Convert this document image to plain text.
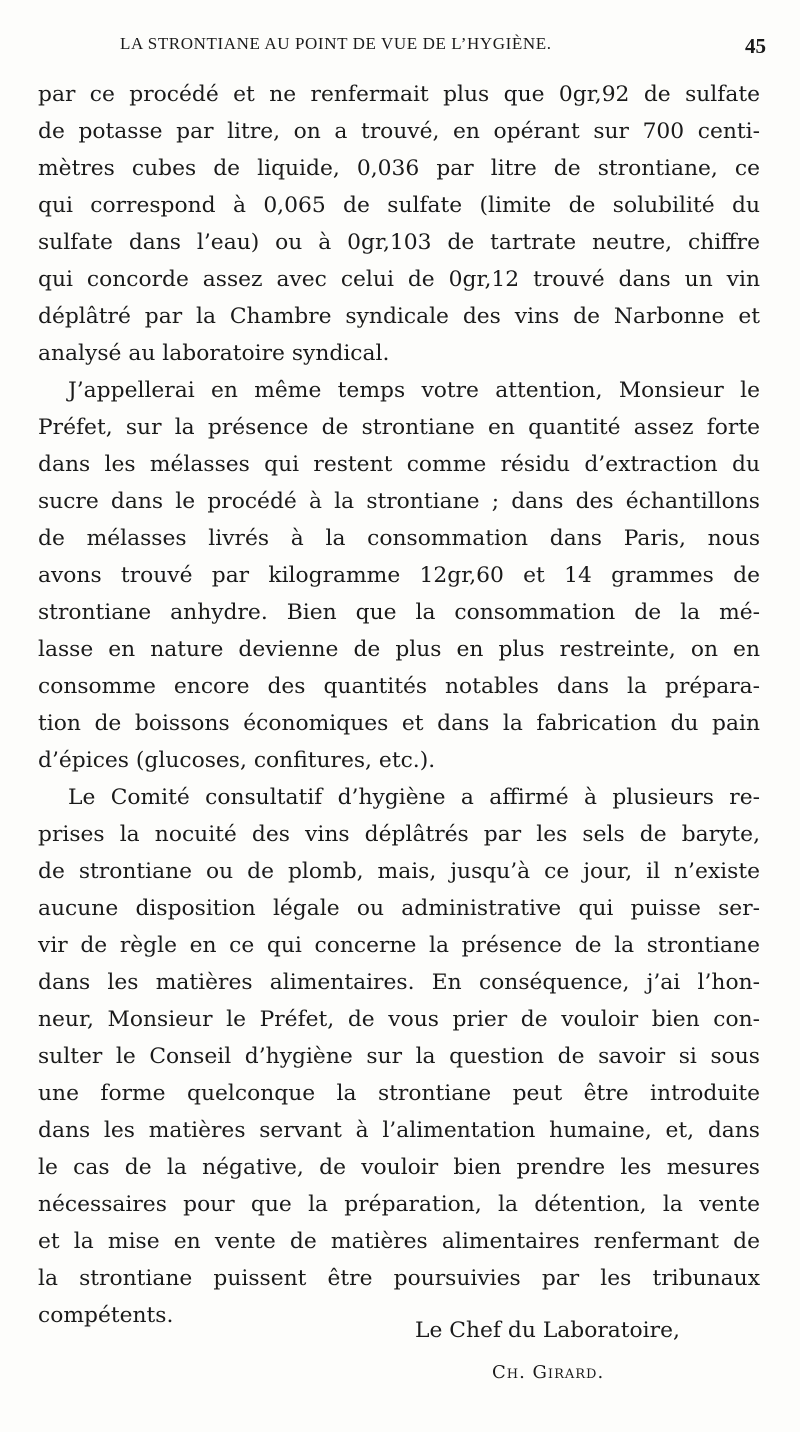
LA STRONTIANE AU POINT DE VUE DE L’HYGIÈNE.	45
par ce procédé et ne renfermait plus que 0gr,92 de sulfate
de potasse par litre, on a trouvé, en opérant sur 700 centi-
mètres cubes de liquide, 0,036 par litre de strontiane, ce
qui correspond à 0,065 de sulfate (limite de solubilité du
sulfate dans l’eau) ou à 0gr,103 de tartrate neutre, chiffre
qui concorde assez avec celui de 0gr,12 trouvé dans un vin
déplâtré par la Chambre syndicale des vins de Narbonne et
analysé au laboratoire syndical.
J’appellerai en même temps votre attention, Monsieur le
Préfet, sur la présence de strontiane en quantité assez forte
dans les mélasses qui restent comme résidu d’extraction du
sucre dans le procédé à la strontiane ; dans des échantillons
de mélasses livrés à la consommation dans Paris, nous
avons trouvé par kilogramme 12gr,60 et 14 grammes de
strontiane anhydre. Bien que la consommation de la mé-
lasse en nature devienne de plus en plus restreinte, on en
consomme encore des quantités notables dans la prépara-
tion de boissons économiques et dans la fabrication du pain
d’épices (glucoses, confitures, etc.).
Le Comité consultatif d’hygiène a affirmé à plusieurs re-
prises la nocuité des vins déplâtrés par les sels de baryte,
de strontiane ou de plomb, mais, jusqu’à ce jour, il n’existe
aucune disposition légale ou administrative qui puisse ser-
vir de règle en ce qui concerne la présence de la strontiane
dans les matières alimentaires. En conséquence, j’ai l’hon-
neur, Monsieur le Préfet, de vous prier de vouloir bien con-
sulter le Conseil d’hygiène sur la question de savoir si sous
une forme quelconque la strontiane peut être introduite
dans les matières servant à l’alimentation humaine, et, dans
le cas de la négative, de vouloir bien prendre les mesures
nécessaires pour que la préparation, la détention, la vente
et la mise en vente de matières alimentaires renfermant de
la strontiane puissent être poursuivies par les tribunaux
compétents.
Le Chef du Laboratoire,
Ch. Girard.
